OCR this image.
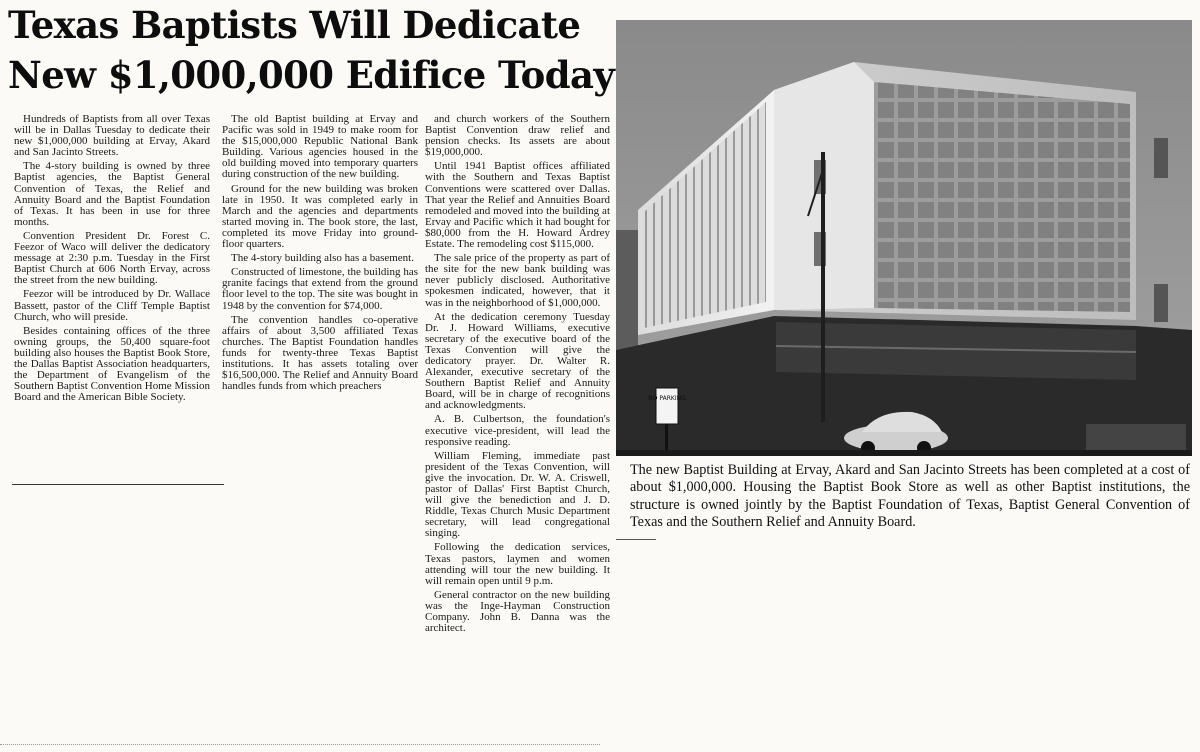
Texas Baptists Will Dedicate
New $1,000,000 Edifice Today

Hundreds of Baptists from all over Texas will be in Dallas Tuesday to dedicate their new $1,000,000 building at Ervay, Akard and San Jacinto Streets.

The 4-story building is owned by three Baptist agencies, the Baptist General Convention of Texas, the Relief and Annuity Board and the Baptist Foundation of Texas. It has been in use for three months.

Convention President Dr. Forest C. Feezor of Waco will deliver the dedicatory message at 2:30 p.m. Tuesday in the First Baptist Church at 606 North Ervay, across the street from the new building.

Feezor will be introduced by Dr. Wallace Bassett, pastor of the Cliff Temple Baptist Church, who will preside.

Besides containing offices of the three owning groups, the 50,400 square-foot building also houses the Baptist Book Store, the Dallas Baptist Association headquarters, the Department of Evangelism of the Southern Baptist Convention Home Mission Board and the American Bible Society.

The old Baptist building at Ervay and Pacific was sold in 1949 to make room for the $15,000,000 Republic National Bank Building. Various agencies housed in the old building moved into temporary quarters during construction of the new building.

Ground for the new building was broken late in 1950. It was completed early in March and the agencies and departments started moving in. The book store, the last, completed its move Friday into ground-floor quarters.

The 4-story building also has a basement.

Constructed of limestone, the building has granite facings that extend from the ground floor level to the top. The site was bought in 1948 by the convention for $74,000.

The convention handles co-operative affairs of about 3,500 affiliated Texas churches. The Baptist Foundation handles funds for twenty-three Texas Baptist institutions. It has assets totaling over $16,500,000. The Relief and Annuity Board handles funds from which preachers

and church workers of the Southern Baptist Convention draw relief and pension checks. Its assets are about $19,000,000.

Until 1941 Baptist offices affiliated with the Southern and Texas Baptist Conventions were scattered over Dallas. That year the Relief and Annuities Board remodeled and moved into the building at Ervay and Pacific which it had bought for $80,000 from the H. Howard Ardrey Estate. The remodeling cost $115,000.

The sale price of the property as part of the site for the new bank building was never publicly disclosed. Authoritative spokesmen indicated, however, that it was in the neighborhood of $1,000,000.

At the dedication ceremony Tuesday Dr. J. Howard Williams, executive secretary of the executive board of the Texas Convention will give the dedicatory prayer. Dr. Walter R. Alexander, executive secretary of the Southern Baptist Relief and Annuity Board, will be in charge of recognitions and acknowledgments.

A. B. Culbertson, the foundation's executive vice-president, will lead the responsive reading.

William Fleming, immediate past president of the Texas Convention, will give the invocation. Dr. W. A. Criswell, pastor of Dallas' First Baptist Church, will give the benediction and J. D. Riddle, Texas Church Music Department secretary, will lead congregational singing.

Following the dedication services, Texas pastors, laymen and women attending will tour the new building. It will remain open until 9 p.m.

General contractor on the new building was the Inge-Hayman Construction Company. John B. Danna was the architect.

NO PARKING

The new Baptist Building at Ervay, Akard and San Jacinto Streets has been completed at a cost of about $1,000,000. Housing the Baptist Book Store as well as other Baptist institutions, the structure is owned jointly by the Baptist Foundation of Texas, Baptist General Convention of Texas and the Southern Relief and Annuity Board.
